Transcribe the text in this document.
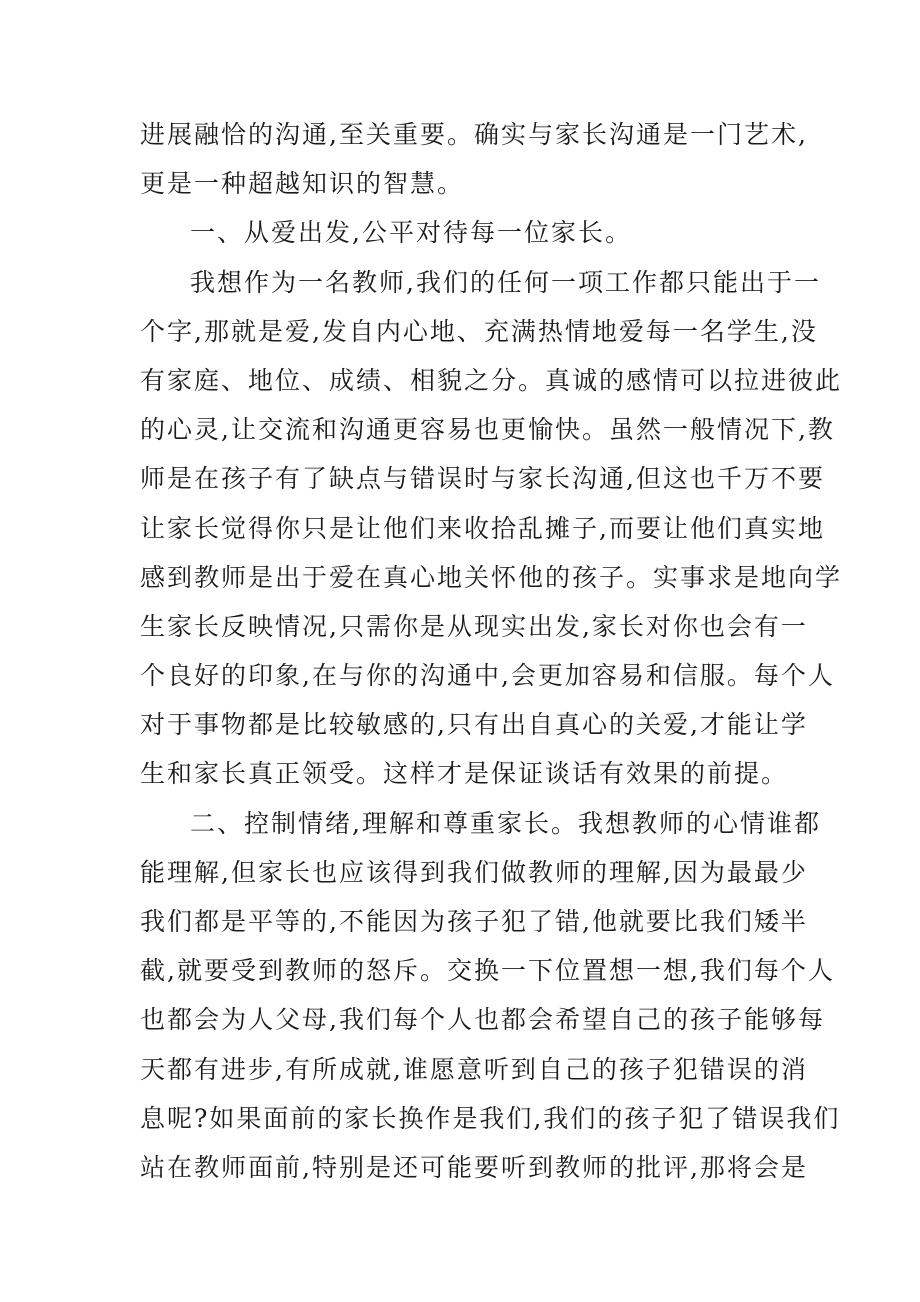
进展融恰的沟通,至关重要。确实与家长沟通是一门艺术,
更是一种超越知识的智慧。
一、从爱出发,公平对待每一位家长。
我想作为一名教师,我们的任何一项工作都只能出于一
个字,那就是爱,发自内心地、充满热情地爱每一名学生,没
有家庭、地位、成绩、相貌之分。真诚的感情可以拉进彼此
的心灵,让交流和沟通更容易也更愉快。虽然一般情况下,教
师是在孩子有了缺点与错误时与家长沟通,但这也千万不要
让家长觉得你只是让他们来收拾乱摊子,而要让他们真实地
感到教师是出于爱在真心地关怀他的孩子。实事求是地向学
生家长反映情况,只需你是从现实出发,家长对你也会有一
个良好的印象,在与你的沟通中,会更加容易和信服。每个人
对于事物都是比较敏感的,只有出自真心的关爱,才能让学
生和家长真正领受。这样才是保证谈话有效果的前提。
二、控制情绪,理解和尊重家长。我想教师的心情谁都
能理解,但家长也应该得到我们做教师的理解,因为最最少
我们都是平等的,不能因为孩子犯了错,他就要比我们矮半
截,就要受到教师的怒斥。交换一下位置想一想,我们每个人
也都会为人父母,我们每个人也都会希望自己的孩子能够每
天都有进步,有所成就,谁愿意听到自己的孩子犯错误的消
息呢?如果面前的家长换作是我们,我们的孩子犯了错误我们
站在教师面前,特别是还可能要听到教师的批评,那将会是
